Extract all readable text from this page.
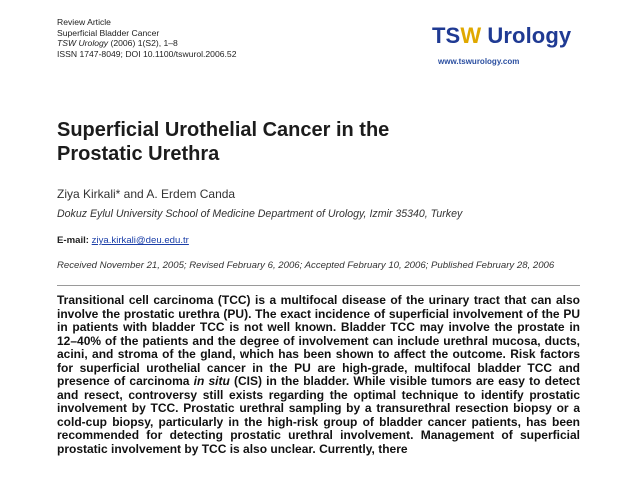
Review Article
Superficial Bladder Cancer
TSW Urology (2006) 1(S2), 1–8
ISSN 1747-8049; DOI 10.1100/tswurol.2006.52
TSW Urology
www.tswurology.com
Superficial Urothelial Cancer in the Prostatic Urethra
Ziya Kirkali* and A. Erdem Canda
Dokuz Eylul University School of Medicine Department of Urology, Izmir 35340, Turkey
E-mail: ziya.kirkali@deu.edu.tr
Received November 21, 2005; Revised February 6, 2006; Accepted February 10, 2006; Published February 28, 2006

Transitional cell carcinoma (TCC) is a multifocal disease of the urinary tract that can also involve the prostatic urethra (PU). The exact incidence of superficial involvement of the PU in patients with bladder TCC is not well known. Bladder TCC may involve the prostate in 12–40% of the patients and the degree of involvement can include urethral mucosa, ducts, acini, and stroma of the gland, which has been shown to affect the outcome. Risk factors for superficial urothelial cancer in the PU are high-grade, multifocal bladder TCC and presence of carcinoma in situ (CIS) in the bladder. While visible tumors are easy to detect and resect, controversy still exists regarding the optimal technique to identify prostatic involvement by TCC. Prostatic urethral sampling by a transurethral resection biopsy or a cold-cup biopsy, particularly in the high-risk group of bladder cancer patients, has been recommended for detecting prostatic urethral involvement. Management of superficial prostatic involvement by TCC is also unclear. Currently, there
